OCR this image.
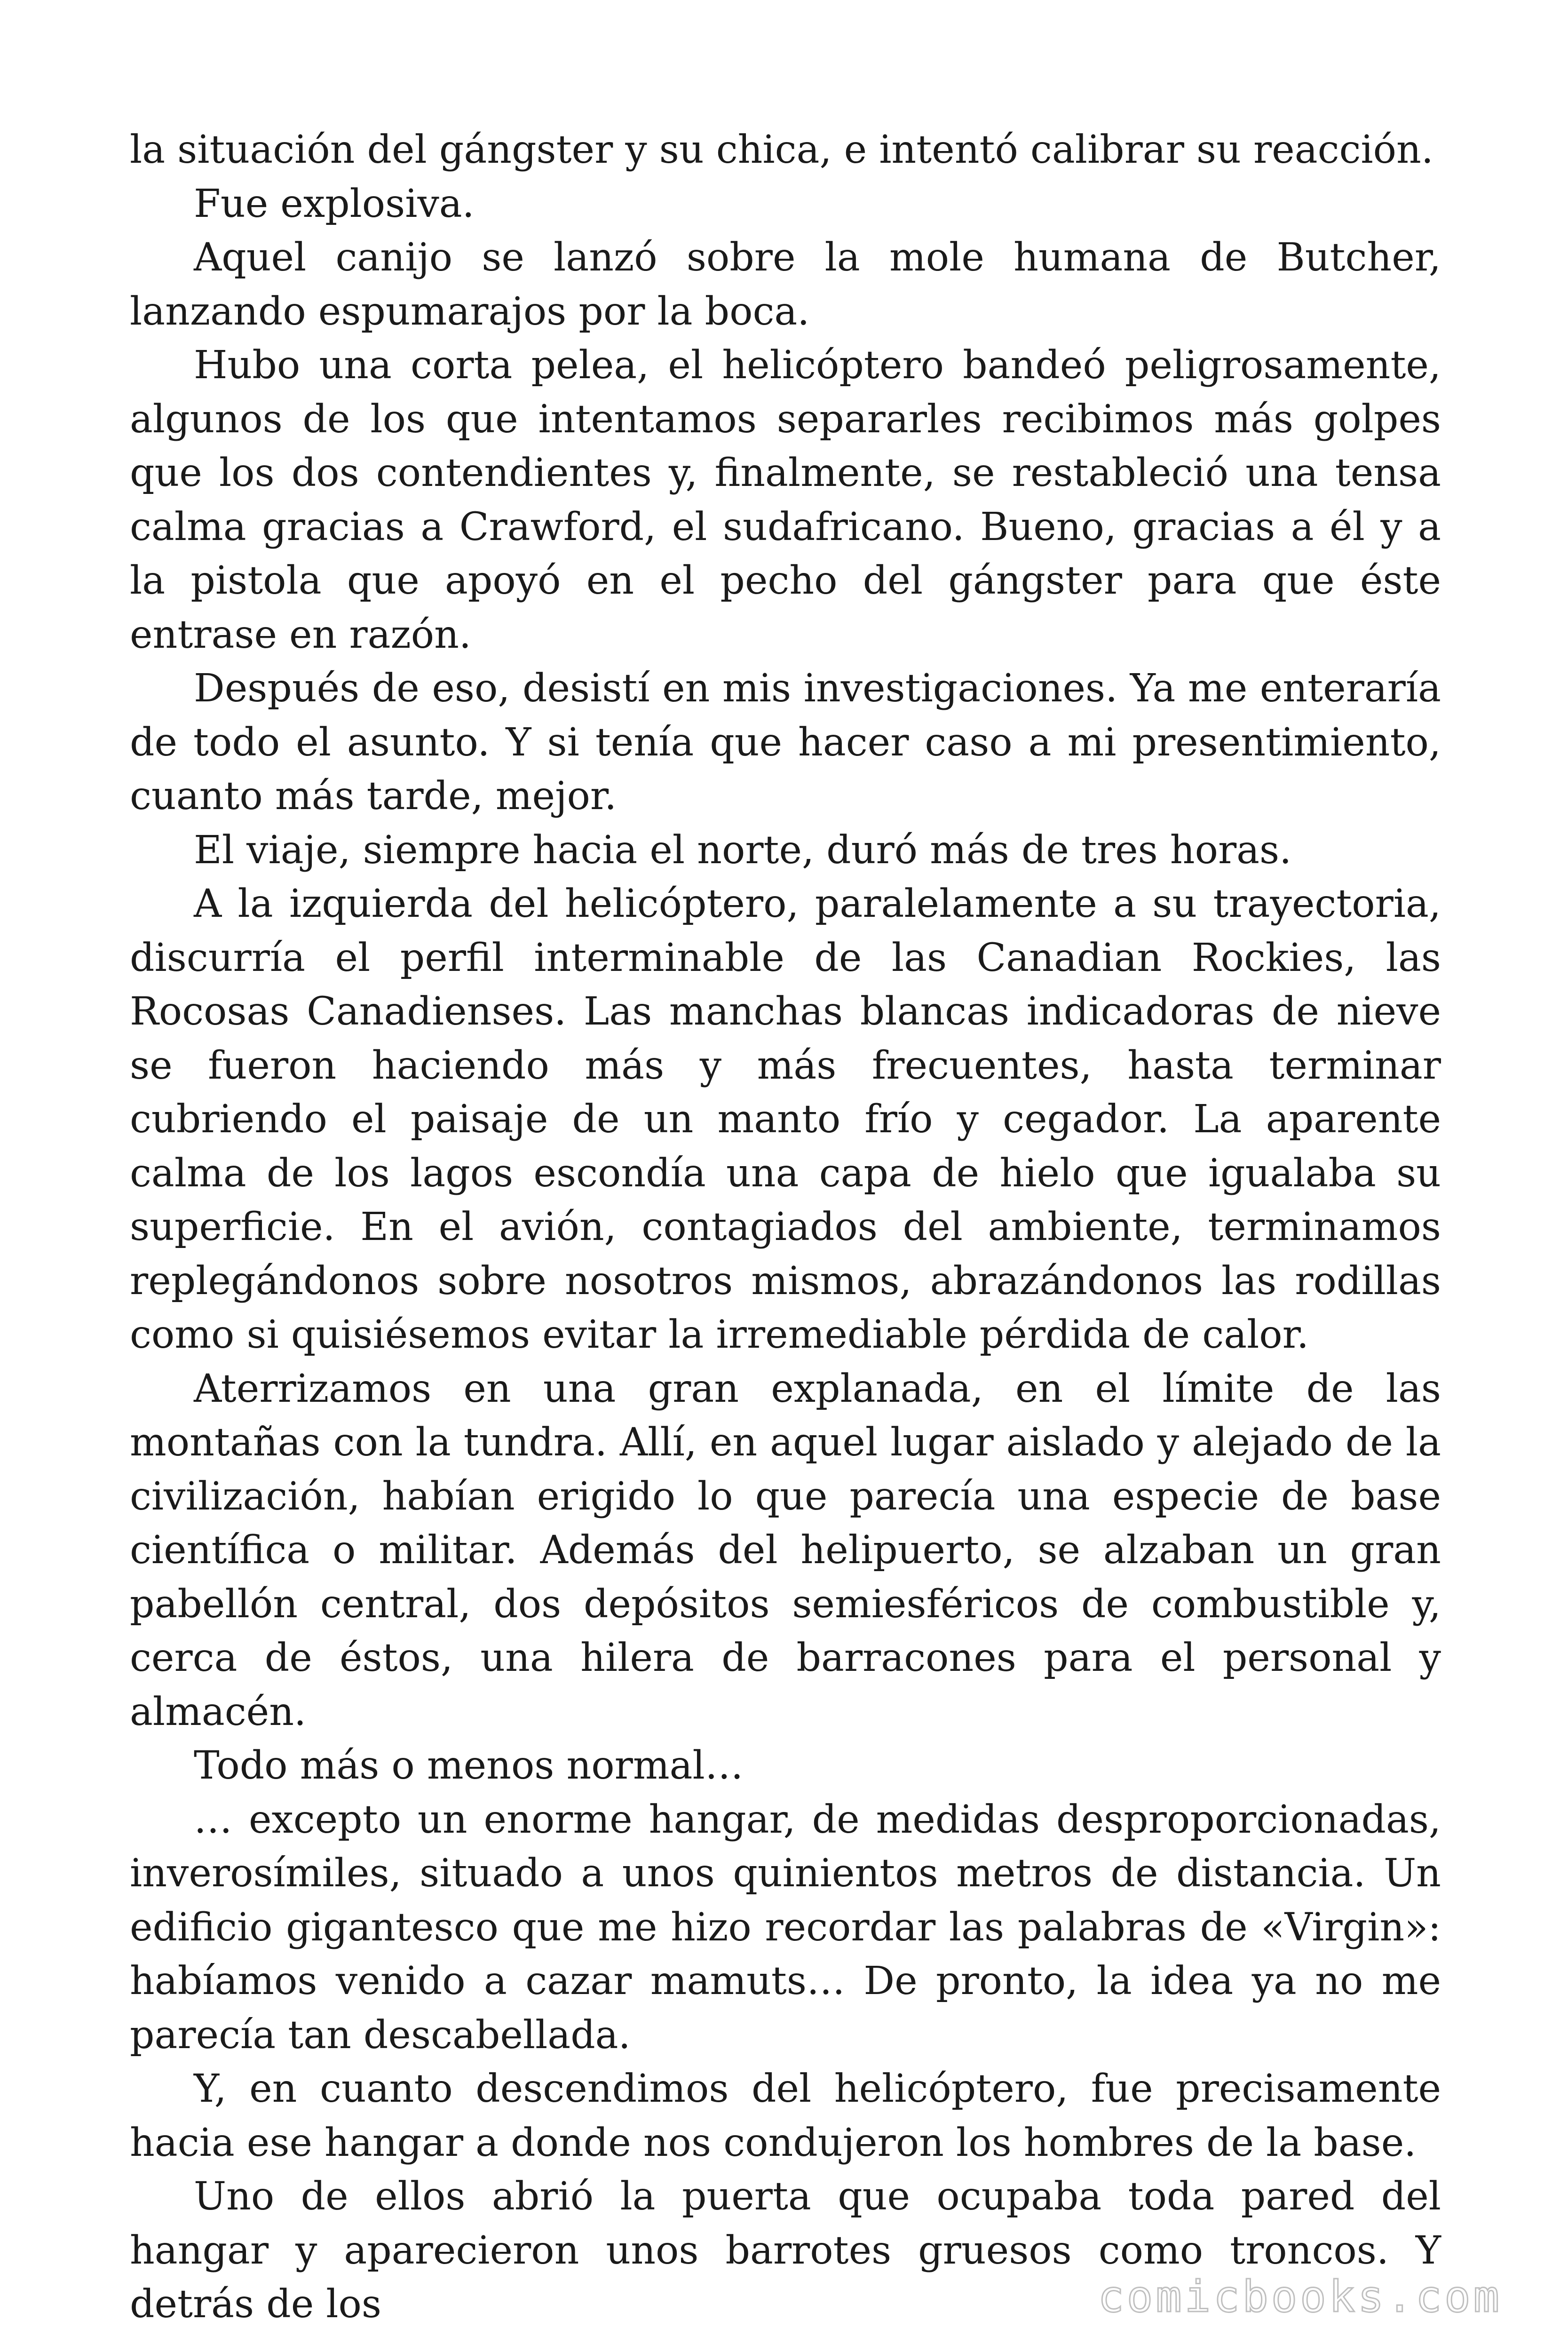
la situación del gángster y su chica, e intentó calibrar su reacción.

Fue explosiva.

Aquel canijo se lanzó sobre la mole humana de Butcher, lanzando espumarajos por la boca.

Hubo una corta pelea, el helicóptero bandeó peligrosamente, algunos de los que intentamos separarles recibimos más golpes que los dos contendientes y, finalmente, se restableció una tensa calma gracias a Crawford, el sudafricano. Bueno, gracias a él y a la pistola que apoyó en el pecho del gángster para que éste entrase en razón.

Después de eso, desistí en mis investigaciones. Ya me enteraría de todo el asunto. Y si tenía que hacer caso a mi presentimiento, cuanto más tarde, mejor.

El viaje, siempre hacia el norte, duró más de tres horas.

A la izquierda del helicóptero, paralelamente a su trayectoria, discurría el perfil interminable de las Canadian Rockies, las Rocosas Canadienses. Las manchas blancas indicadoras de nieve se fueron haciendo más y más frecuentes, hasta terminar cubriendo el paisaje de un manto frío y cegador. La aparente calma de los lagos escondía una capa de hielo que igualaba su superficie. En el avión, contagiados del ambiente, terminamos replegándonos sobre nosotros mismos, abrazándonos las rodillas como si quisiésemos evitar la irremediable pérdida de calor.

Aterrizamos en una gran explanada, en el límite de las montañas con la tundra. Allí, en aquel lugar aislado y alejado de la civilización, habían erigido lo que parecía una especie de base científica o militar. Además del helipuerto, se alzaban un gran pabellón central, dos depósitos semiesféricos de combustible y, cerca de éstos, una hilera de barracones para el personal y almacén.

Todo más o menos normal…

… excepto un enorme hangar, de medidas desproporcionadas, inverosímiles, situado a unos quinientos metros de distancia. Un edificio gigantesco que me hizo recordar las palabras de «Virgin»: habíamos venido a cazar mamuts… De pronto, la idea ya no me parecía tan descabellada.

Y, en cuanto descendimos del helicóptero, fue precisamente hacia ese hangar a donde nos condujeron los hombres de la base.

Uno de ellos abrió la puerta que ocupaba toda pared del hangar y aparecieron unos barrotes gruesos como troncos. Y detrás de los	comicbooks.com
